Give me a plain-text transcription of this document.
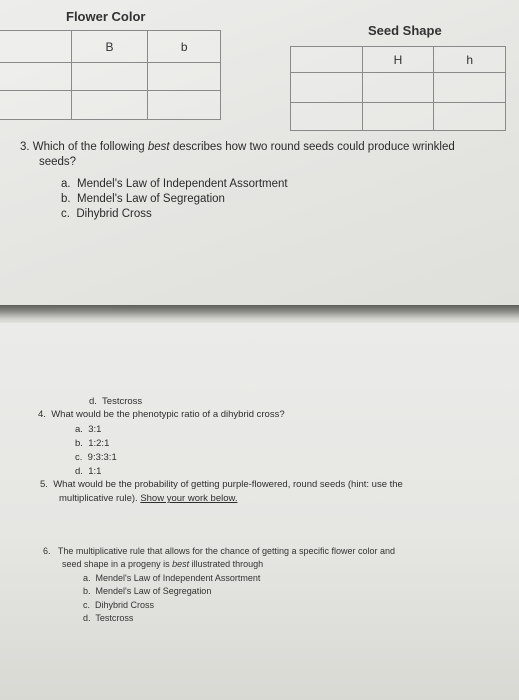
Flower Color
	B	b

Seed Shape
	H	h

3. Which of the following best describes how two round seeds could produce wrinkled
seeds?
a. Mendel's Law of Independent Assortment
b. Mendel's Law of Segregation
c. Dihybrid Cross
d. Testcross
4. What would be the phenotypic ratio of a dihybrid cross?
a. 3:1
b. 1:2:1
c. 9:3:3:1
d. 1:1
5. What would be the probability of getting purple-flowered, round seeds (hint: use the
multiplicative rule). Show your work below.
6. The multiplicative rule that allows for the chance of getting a specific flower color and
seed shape in a progeny is best illustrated through
a. Mendel's Law of Independent Assortment
b. Mendel's Law of Segregation
c. Dihybrid Cross
d. Testcross
